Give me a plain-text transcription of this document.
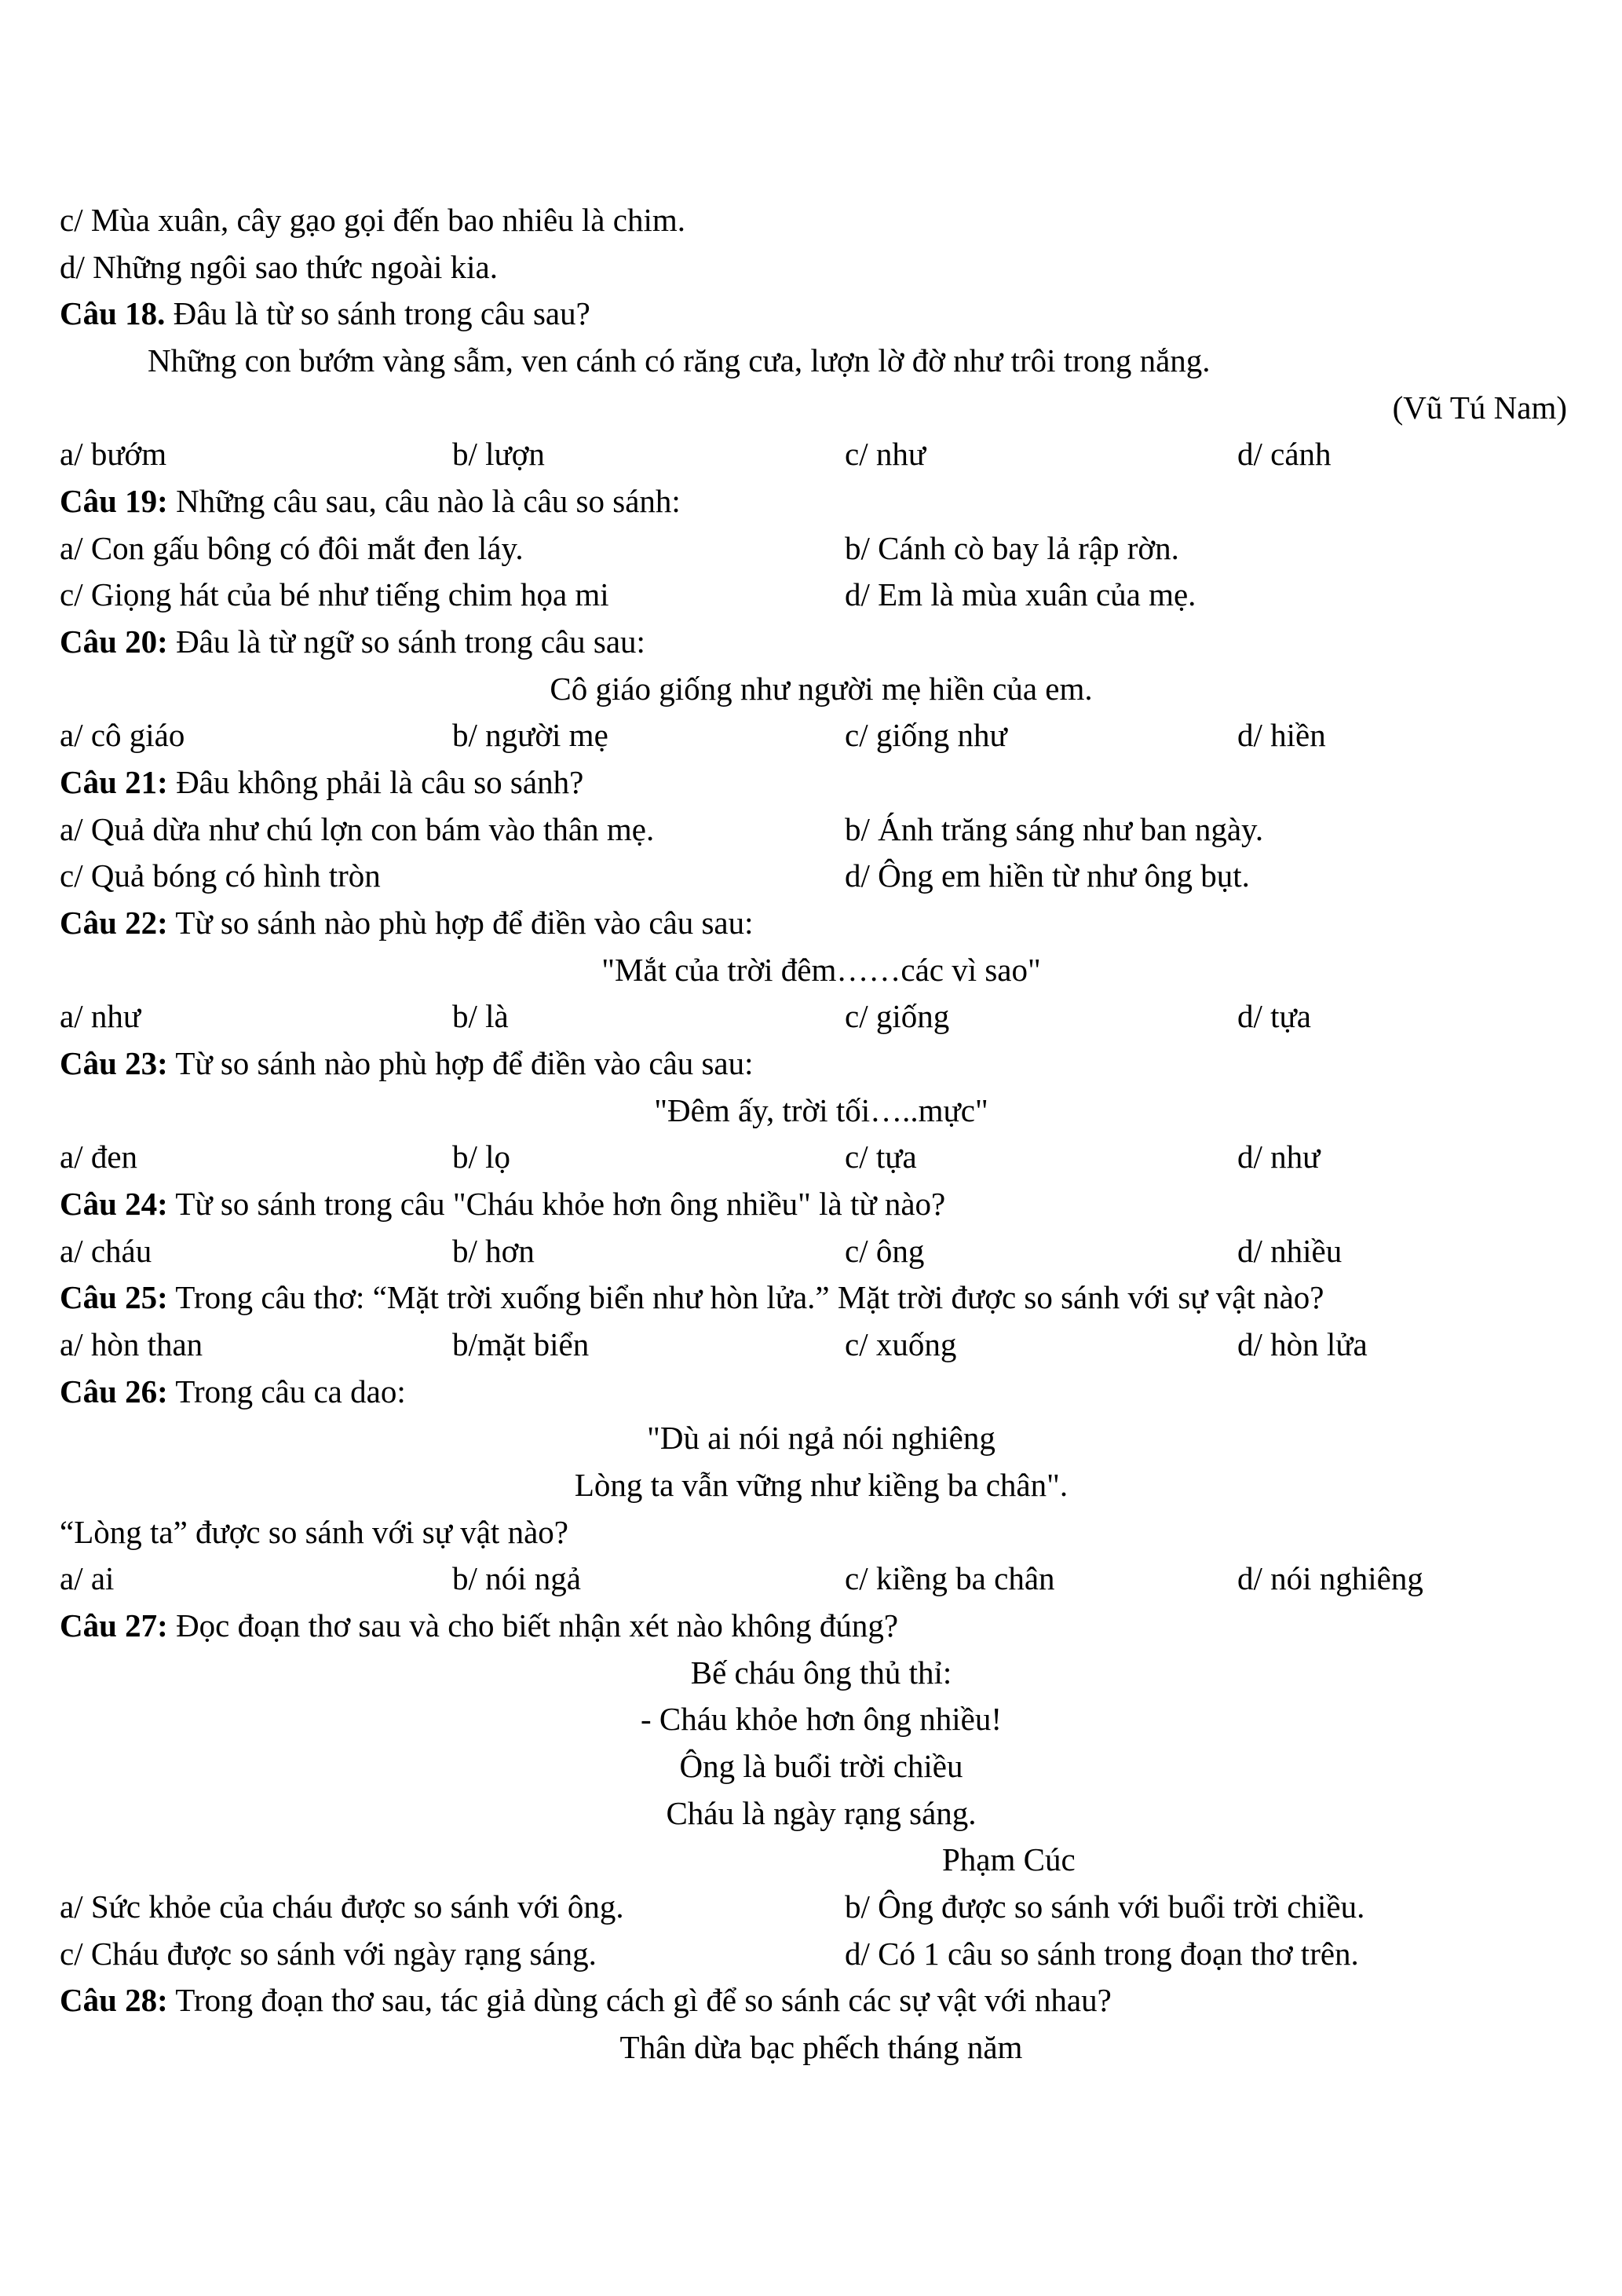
c/ Mùa xuân, cây gạo gọi đến bao nhiêu là chim.
d/ Những ngôi sao thức ngoài kia.
Câu 18. Đâu là từ so sánh trong câu sau?
Những con bướm vàng sẫm, ven cánh có răng cưa, lượn lờ đờ như trôi trong nắng.
(Vũ Tú Nam)
a/ bướm	b/ lượn	c/ như	d/ cánh
Câu 19: Những câu sau, câu nào là câu so sánh:
a/ Con gấu bông có đôi mắt đen láy.	b/ Cánh cò bay lả rập rờn.
c/ Giọng hát của bé như tiếng chim họa mi	d/ Em là mùa xuân của mẹ.
Câu 20: Đâu là từ ngữ so sánh trong câu sau:
Cô giáo giống như người mẹ hiền của em.
a/ cô giáo	b/ người mẹ	c/ giống như	d/ hiền
Câu 21: Đâu không phải là câu so sánh?
a/ Quả dừa như chú lợn con bám vào thân mẹ.	b/ Ánh trăng sáng như ban ngày.
c/ Quả bóng có hình tròn	d/ Ông em hiền từ như ông bụt.
Câu 22: Từ so sánh nào phù hợp để điền vào câu sau:
"Mắt của trời đêm……các vì sao"
a/ như	b/ là	c/ giống	d/ tựa
Câu 23: Từ so sánh nào phù hợp để điền vào câu sau:
"Đêm ấy, trời tối…..mực"
a/ đen	b/ lọ	c/ tựa	d/ như
Câu 24: Từ so sánh trong câu "Cháu khỏe hơn ông nhiều" là từ nào?
a/ cháu	b/ hơn	c/ ông	d/ nhiều
Câu 25: Trong câu thơ: “Mặt trời xuống biển như hòn lửa.” Mặt trời được so sánh với sự vật nào?
a/ hòn than	b/mặt biển	c/ xuống	d/ hòn lửa
Câu 26: Trong câu ca dao:
"Dù ai nói ngả nói nghiêng
Lòng ta vẫn vững như kiềng ba chân".
“Lòng ta” được so sánh với sự vật nào?
a/ ai	b/ nói ngả	c/ kiềng ba chân	d/ nói nghiêng
Câu 27: Đọc đoạn thơ sau và cho biết nhận xét nào không đúng?
Bế cháu ông thủ thỉ:
- Cháu khỏe hơn ông nhiều!
Ông là buổi trời chiều
Cháu là ngày rạng sáng.
Phạm Cúc
a/ Sức khỏe của cháu được so sánh với ông.	b/ Ông được so sánh với buổi trời chiều.
c/ Cháu được so sánh với ngày rạng sáng.	d/ Có 1 câu so sánh trong đoạn thơ trên.
Câu 28: Trong đoạn thơ sau, tác giả dùng cách gì để so sánh các sự vật với nhau?
Thân dừa bạc phếch tháng năm
